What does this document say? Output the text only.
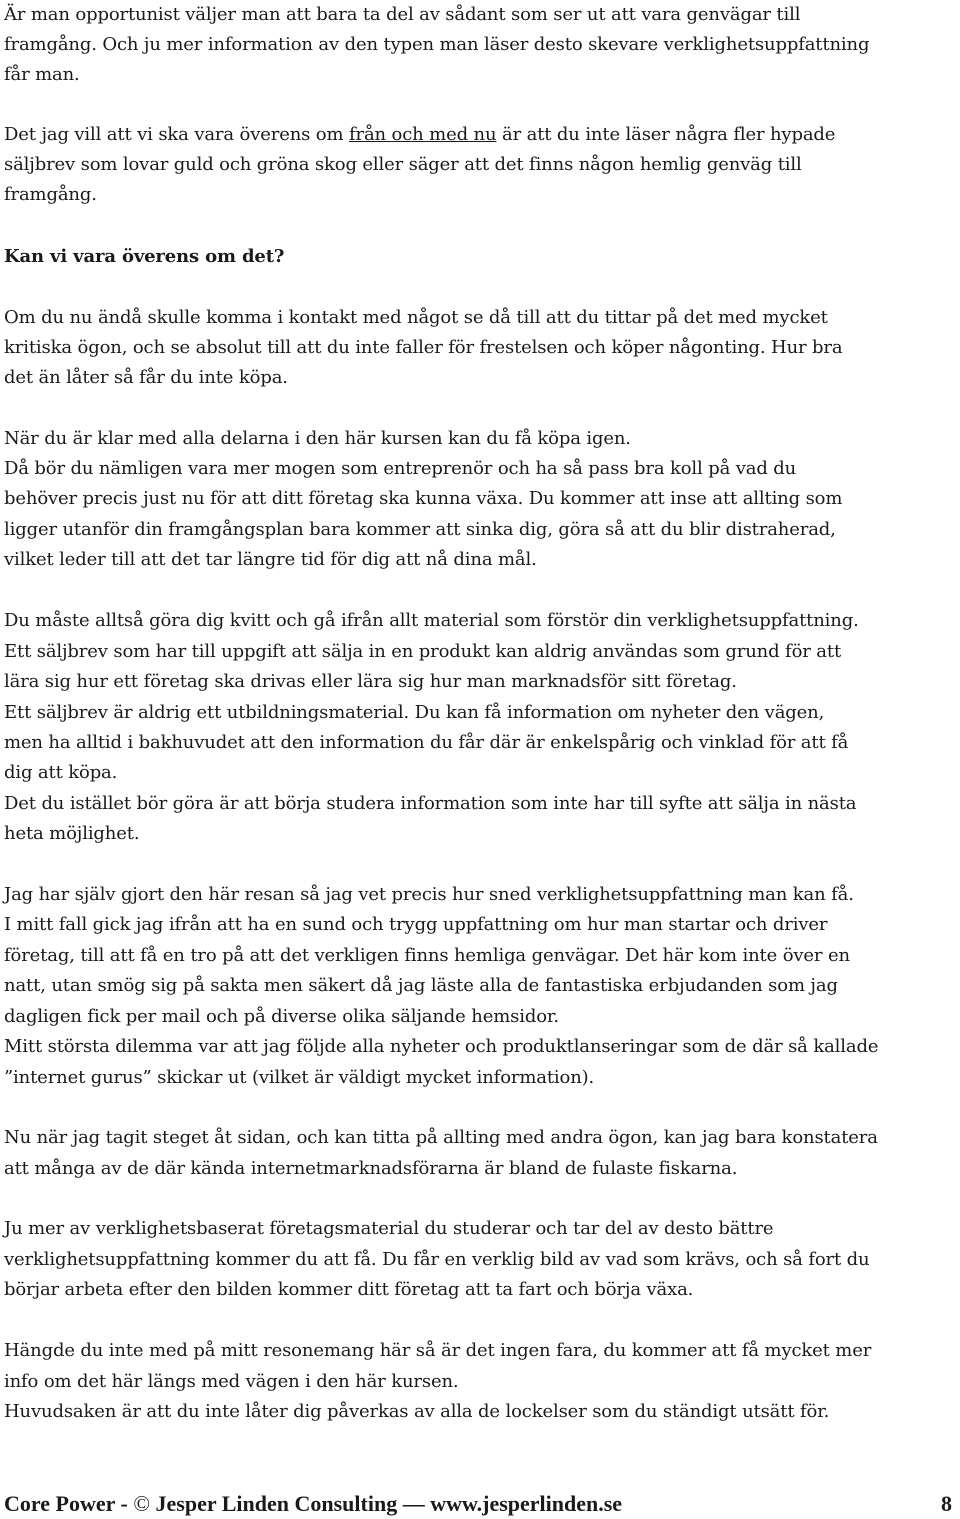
Är man opportunist väljer man att bara ta del av sådant som ser ut att vara genvägar till
framgång. Och ju mer information av den typen man läser desto skevare verklighetsuppfattning
får man.
Det jag vill att vi ska vara överens om från och med nu är att du inte läser några fler hypade
säljbrev som lovar guld och gröna skog eller säger att det finns någon hemlig genväg till
framgång.
Kan vi vara överens om det?
Om du nu ändå skulle komma i kontakt med något se då till att du tittar på det med mycket
kritiska ögon, och se absolut till att du inte faller för frestelsen och köper någonting. Hur bra
det än låter så får du inte köpa.
När du är klar med alla delarna i den här kursen kan du få köpa igen.
Då bör du nämligen vara mer mogen som entreprenör och ha så pass bra koll på vad du
behöver precis just nu för att ditt företag ska kunna växa. Du kommer att inse att allting som
ligger utanför din framgångsplan bara kommer att sinka dig, göra så att du blir distraherad,
vilket leder till att det tar längre tid för dig att nå dina mål.
Du måste alltså göra dig kvitt och gå ifrån allt material som förstör din verklighetsuppfattning.
Ett säljbrev som har till uppgift att sälja in en produkt kan aldrig användas som grund för att
lära sig hur ett företag ska drivas eller lära sig hur man marknadsför sitt företag.
Ett säljbrev är aldrig ett utbildningsmaterial. Du kan få information om nyheter den vägen,
men ha alltid i bakhuvudet att den information du får där är enkelspårig och vinklad för att få
dig att köpa.
Det du istället bör göra är att börja studera information som inte har till syfte att sälja in nästa
heta möjlighet.
Jag har själv gjort den här resan så jag vet precis hur sned verklighetsuppfattning man kan få.
I mitt fall gick jag ifrån att ha en sund och trygg uppfattning om hur man startar och driver
företag, till att få en tro på att det verkligen finns hemliga genvägar. Det här kom inte över en
natt, utan smög sig på sakta men säkert då jag läste alla de fantastiska erbjudanden som jag
dagligen fick per mail och på diverse olika säljande hemsidor.
Mitt största dilemma var att jag följde alla nyheter och produktlanseringar som de där så kallade
”internet gurus” skickar ut (vilket är väldigt mycket information).
Nu när jag tagit steget åt sidan, och kan titta på allting med andra ögon, kan jag bara konstatera
att många av de där kända internetmarknadsförarna är bland de fulaste fiskarna.
Ju mer av verklighetsbaserat företagsmaterial du studerar och tar del av desto bättre
verklighetsuppfattning kommer du att få. Du får en verklig bild av vad som krävs, och så fort du
börjar arbeta efter den bilden kommer ditt företag att ta fart och börja växa.
Hängde du inte med på mitt resonemang här så är det ingen fara, du kommer att få mycket mer
info om det här längs med vägen i den här kursen.
Huvudsaken är att du inte låter dig påverkas av alla de lockelser som du ständigt utsätt för.
Core Power - © Jesper Linden Consulting — www.jesperlinden.se	8
